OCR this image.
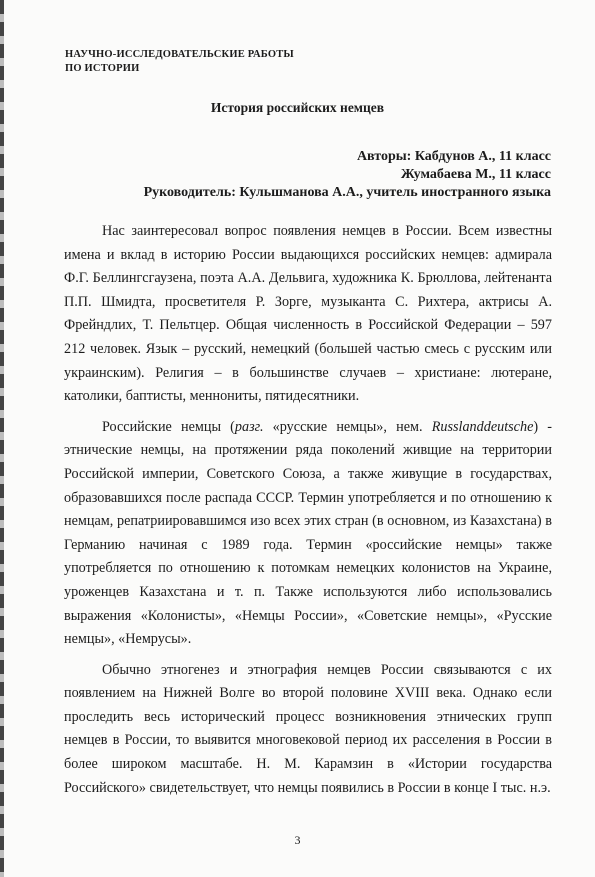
НАУЧНО-ИССЛЕДОВАТЕЛЬСКИЕ РАБОТЫ
ПО ИСТОРИИ
История российских немцев
Авторы: Кабдунов А., 11 класс
Жумабаева М., 11 класс
Руководитель: Кульшманова А.А., учитель иностранного языка

Нас заинтересовал вопрос появления немцев в России. Всем известны имена и вклад в историю России выдающихся российских немцев: адмирала Ф.Г. Беллингсгаузена, поэта А.А. Дельвига, художника К. Брюллова, лейтенанта П.П. Шмидта, просветителя Р. Зорге, музыканта С. Рихтера, актрисы А. Фрейндлих, Т. Пельтцер. Общая численность в Российской Федерации – 597 212 человек. Язык – русский, немецкий (большей частью смесь с русским или украинским). Религия – в большинстве случаев – христиане: лютеране, католики, баптисты, меннониты, пятидесятники.

Российские немцы (разг. «русские немцы», нем. Russlanddeutsche) - этнические немцы, на протяжении ряда поколений живщие на территории Российской империи, Советского Союза, а также живущие в государствах, образовавшихся после распада СССР. Термин употребляется и по отношению к немцам, репатриировавшимся изо всех этих стран (в основном, из Казахстана) в Германию начиная с 1989 года. Термин «российские немцы» также употребляется по отношению к потомкам немецких колонистов на Украине, уроженцев Казахстана и т. п. Также используются либо использовались выражения «Колонисты», «Немцы России», «Советские немцы», «Русские немцы», «Немрусы».

Обычно этногенез и этнография немцев России связываются с их появлением на Нижней Волге во второй половине XVIII века. Однако если проследить весь исторический процесс возникновения этнических групп немцев в России, то выявится многовековой период их расселения в России в более широком масштабе. Н. М. Карамзин в «Истории государства Российского» свидетельствует, что немцы появились в России в конце I тыс. н.э.

3
